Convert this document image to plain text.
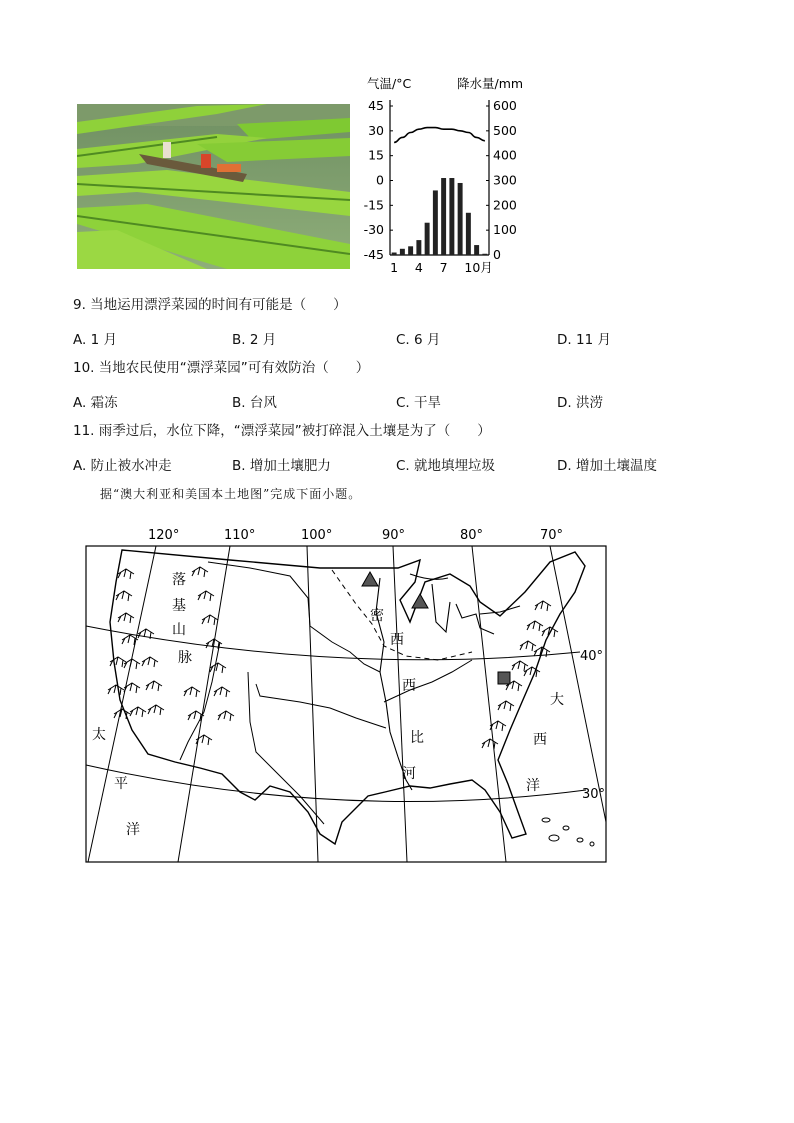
气温/°C	降水量/mm
45
30
15
0
-15
-30
-45
600
500
400
300
200
100
0
1 4 7 10月
9. 当地运用漂浮菜园的时间有可能是（　　）
A. 1 月	B. 2 月	C. 6 月	D. 11 月
10. 当地农民使用“漂浮菜园”可有效防治（　　）
A. 霜冻	B. 台风	C. 干旱	D. 洪涝
11. 雨季过后，水位下降，“漂浮菜园”被打碎混入土壤是为了（　　）
A. 防止被水冲走	B. 增加土壤肥力	C. 就地填埋垃圾	D. 增加土壤温度
据“澳大利亚和美国本土地图”完成下面小题。
120°	110°	100°	90°	80°	70°
40°
30°
落
基
山
脉
密
西
西
比
河
太
平
洋
大
西
洋
